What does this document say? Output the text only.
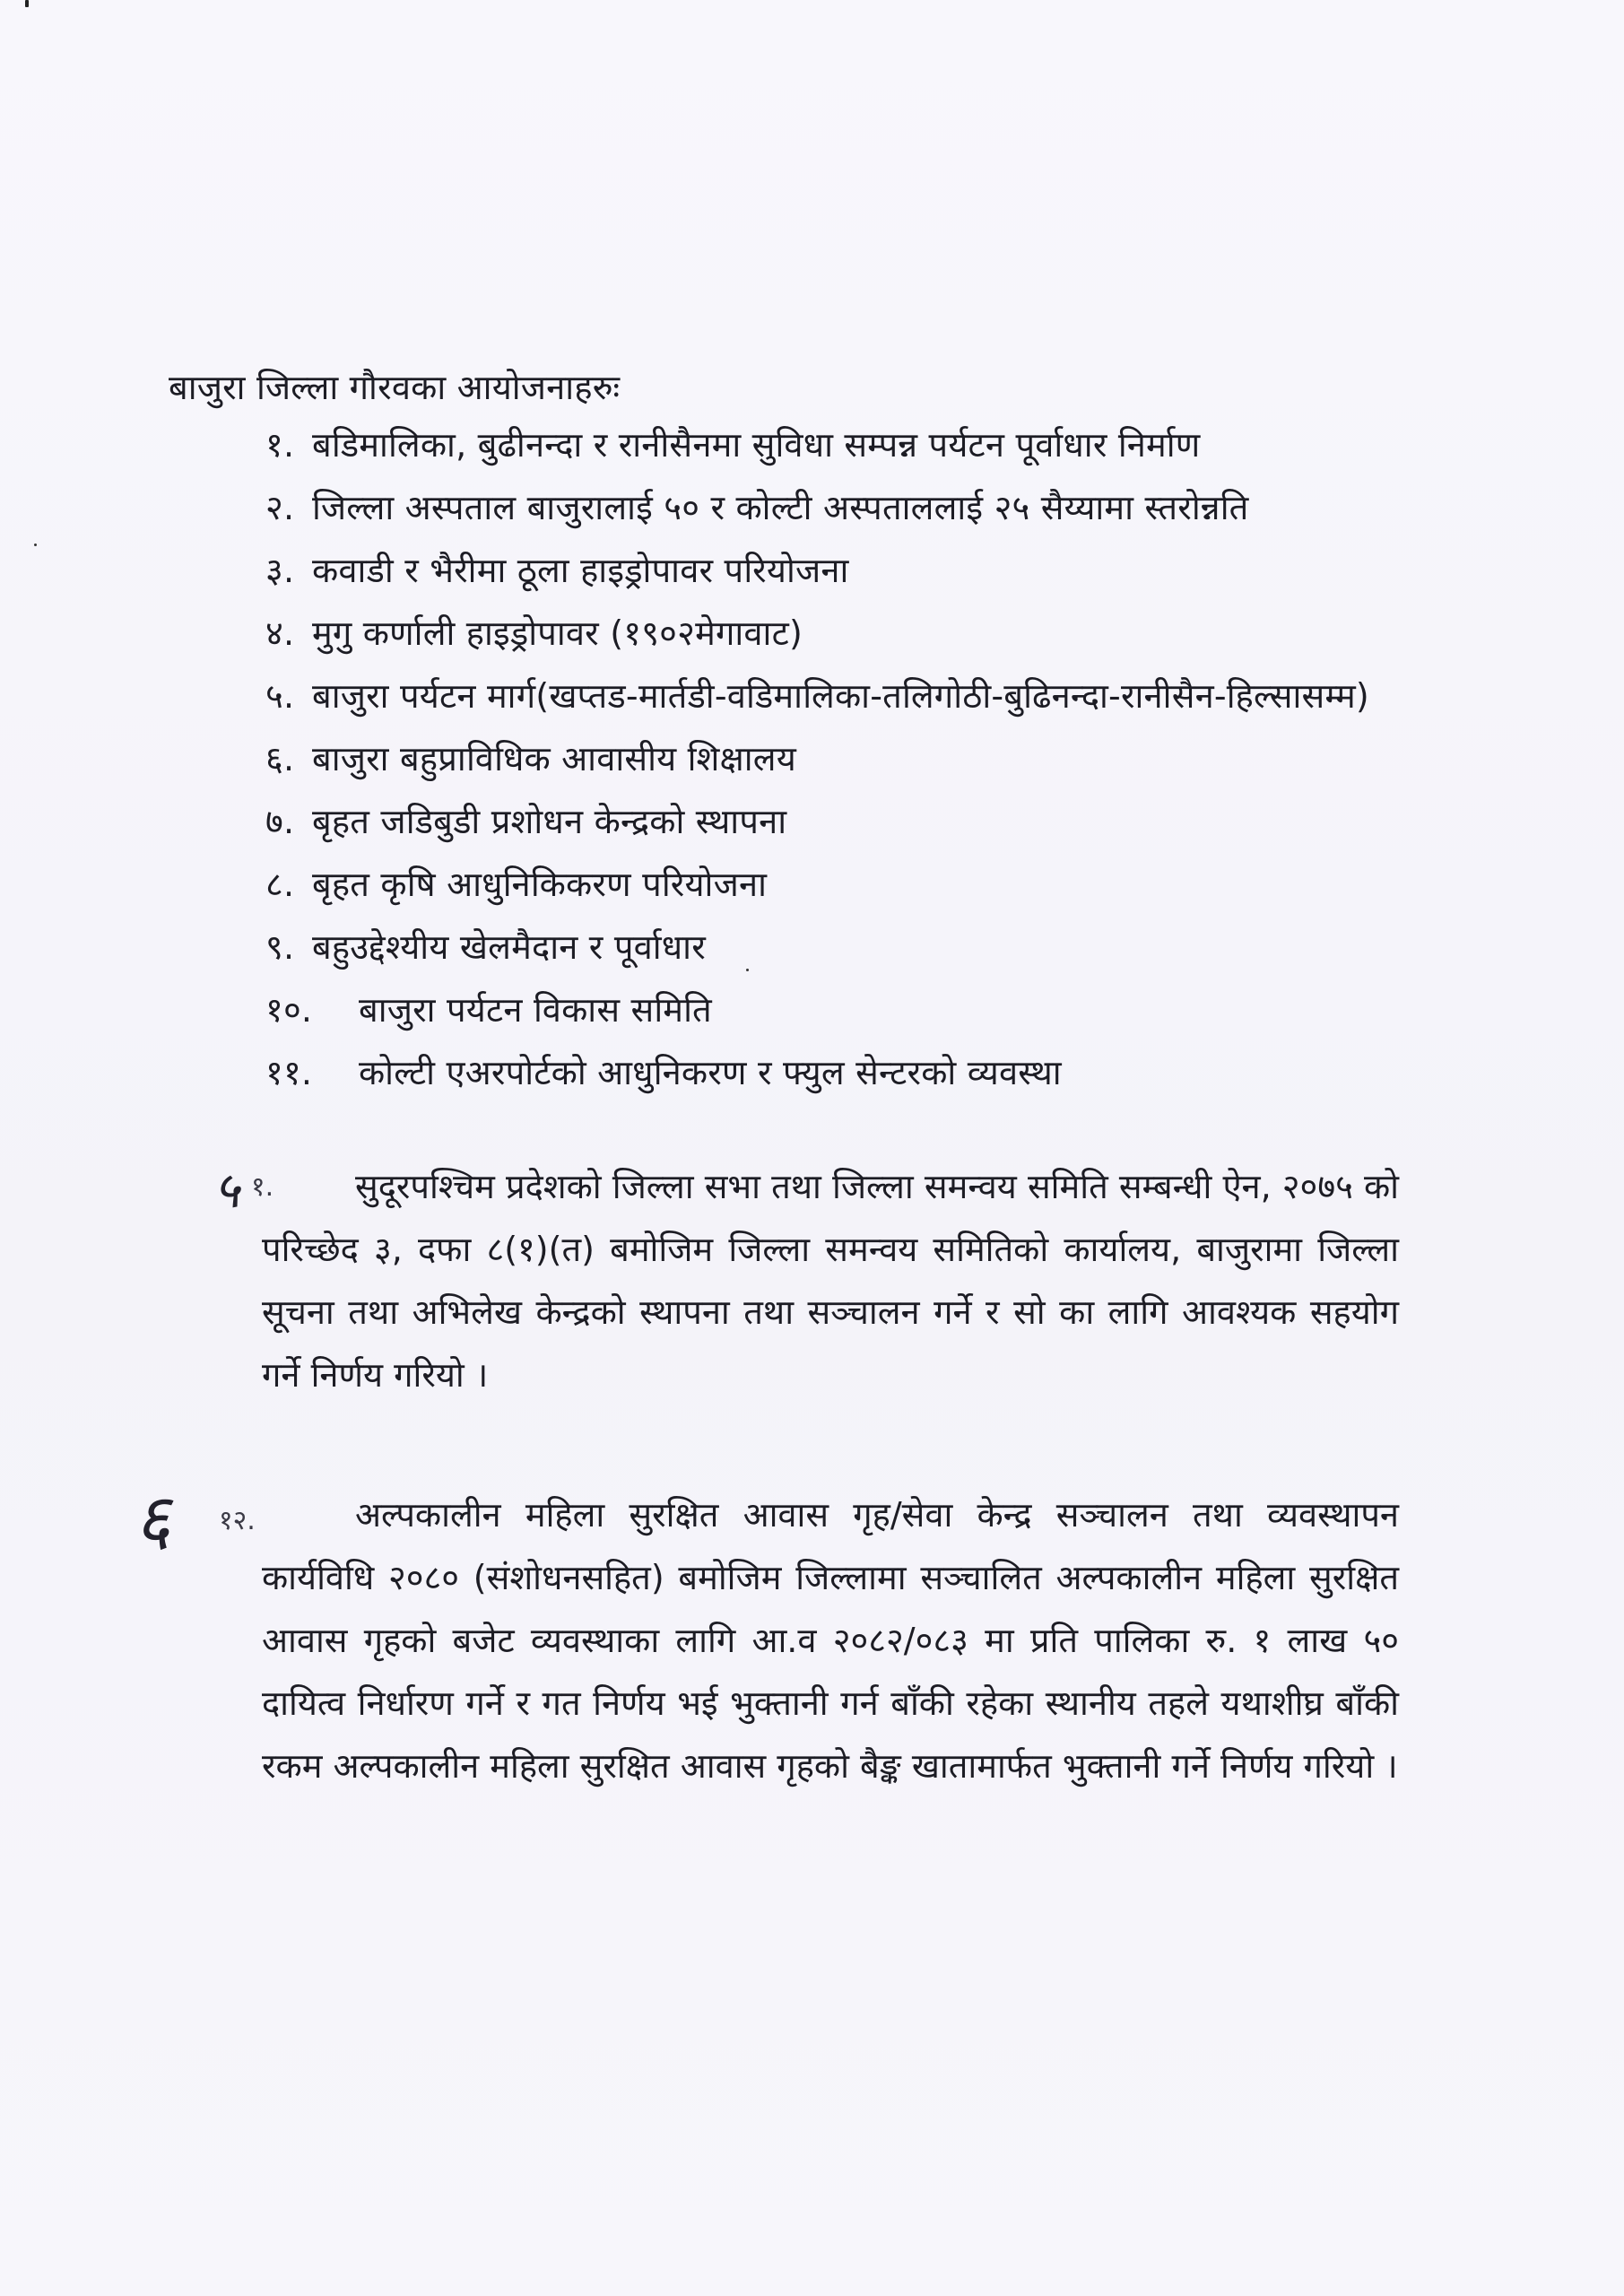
बाजुरा जिल्ला गौरवका आयोजनाहरुः
१. बडिमालिका, बुढीनन्दा र रानीसैनमा सुविधा सम्पन्न पर्यटन पूर्वाधार निर्माण
२. जिल्ला अस्पताल बाजुरालाई ५० र कोल्टी अस्पताललाई २५ सैय्यामा स्तरोन्नति
३. कवाडी र भैरीमा ठूला हाइड्रोपावर परियोजना
४. मुगु कर्णाली हाइड्रोपावर (१९०२मेगावाट)
५. बाजुरा पर्यटन मार्ग(खप्तड-मार्तडी-वडिमालिका-तलिगोठी-बुढिनन्दा-रानीसैन-हिल्सासम्म)
६. बाजुरा बहुप्राविधिक आवासीय शिक्षालय
७. बृहत जडिबुडी प्रशोधन केन्द्रको स्थापना
८. बृहत कृषि आधुनिकिकरण परियोजना
९. बहुउद्देश्यीय खेलमैदान र पूर्वाधार
१०. बाजुरा पर्यटन विकास समिति
११. कोल्टी एअरपोर्टको आधुनिकरण र फ्युल सेन्टरको व्यवस्था
५ १.	सुदूरपश्चिम प्रदेशको जिल्ला सभा तथा जिल्ला समन्वय समिति सम्बन्धी ऐन, २०७५ को परिच्छेद ३, दफा ८(१)(त) बमोजिम जिल्ला समन्वय समितिको कार्यालय, बाजुरामा जिल्ला सूचना तथा अभिलेख केन्द्रको स्थापना तथा सञ्चालन गर्ने र सो का लागि आवश्यक सहयोग गर्ने निर्णय गरियो ।
६ १२.	अल्पकालीन महिला सुरक्षित आवास गृह/सेवा केन्द्र सञ्चालन तथा व्यवस्थापन कार्यविधि २०८० (संशोधनसहित) बमोजिम जिल्लामा सञ्चालित अल्पकालीन महिला सुरक्षित आवास गृहको बजेट व्यवस्थाका लागि आ.व २०८२/०८३ मा प्रति पालिका रु. १ लाख ५० दायित्व निर्धारण गर्ने र गत निर्णय भई भुक्तानी गर्न बाँकी रहेका स्थानीय तहले यथाशीघ्र बाँकी रकम अल्पकालीन महिला सुरक्षित आवास गृहको बैङ्क खातामार्फत भुक्तानी गर्ने निर्णय गरियो ।
